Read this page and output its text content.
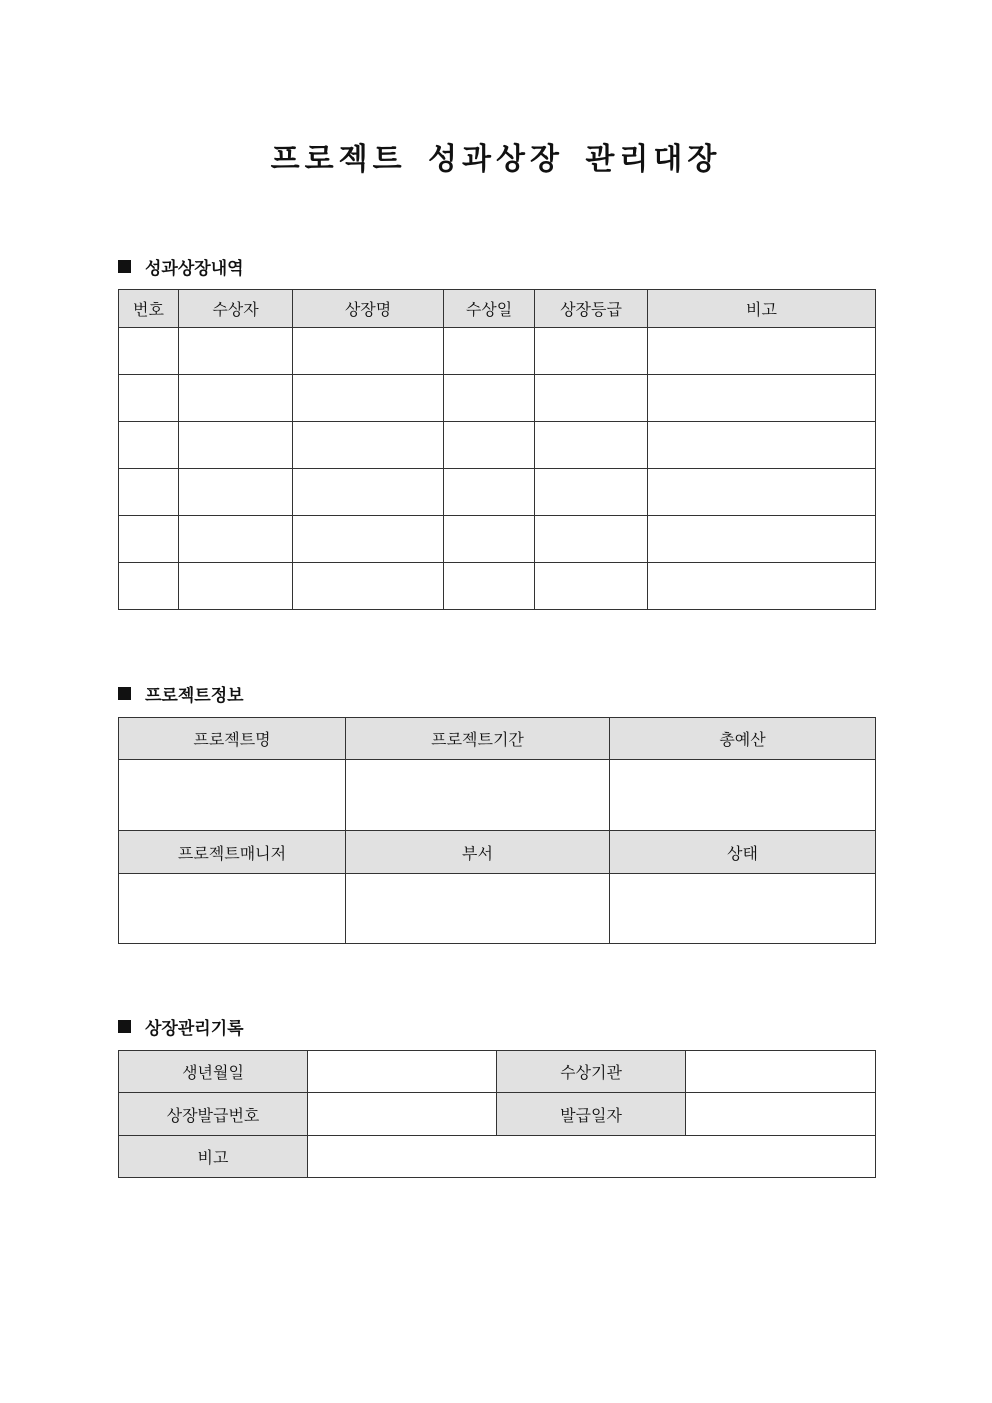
프로젝트 성과상장 관리대장
성과상장내역
번호	수상자	상장명	수상일	상장등급	비고

프로젝트정보
프로젝트명	프로젝트기간	총예산

프로젝트매니저	부서	상태

상장관리기록
생년월일		수상기관	
상장발급번호		발급일자	
비고			
